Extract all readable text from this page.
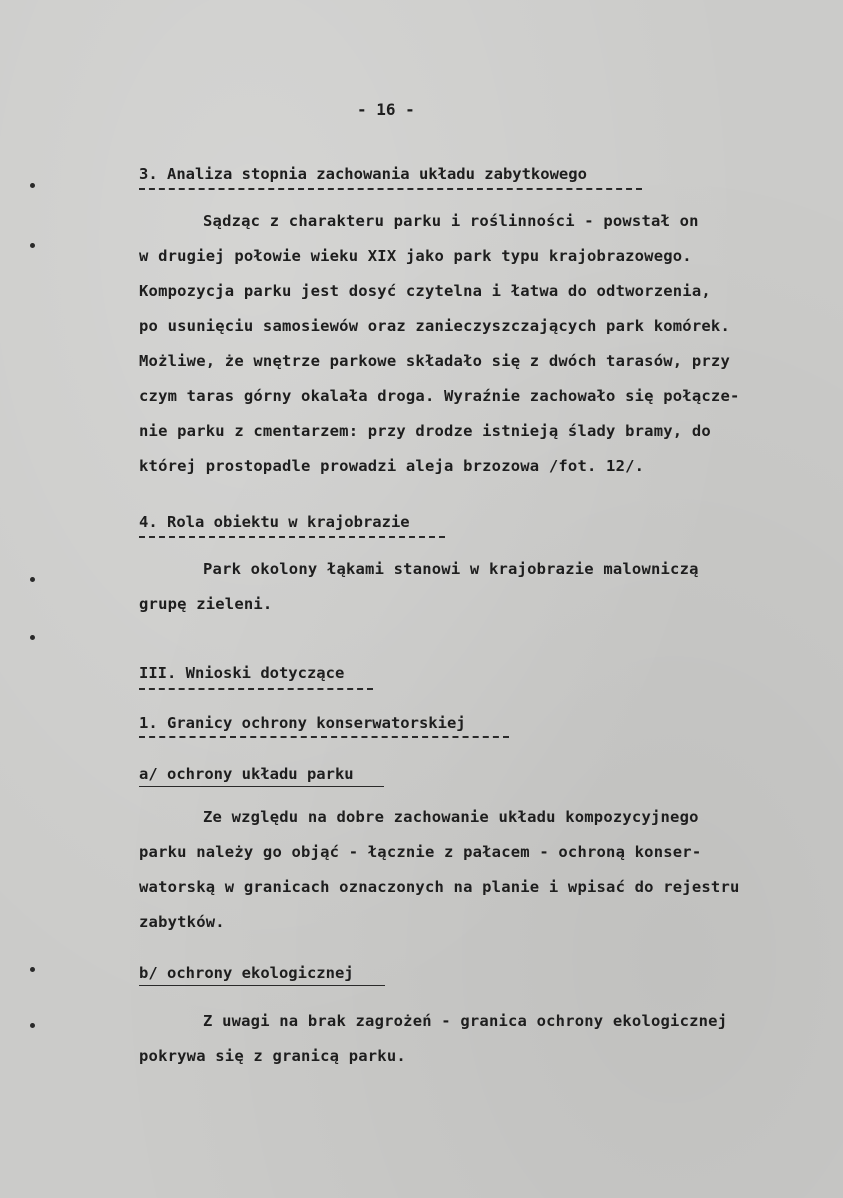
- 16 -
3. Analiza stopnia zachowania układu zabytkowego
Sądząc z charakteru parku i roślinności - powstał on
w drugiej połowie wieku XIX jako park typu krajobrazowego.
Kompozycja parku jest dosyć czytelna i łatwa do odtworzenia,
po usunięciu samosiewów oraz zanieczyszczających park komórek.
Możliwe, że wnętrze parkowe składało się z dwóch tarasów, przy
czym taras górny okalała droga. Wyraźnie zachowało się połącze-
nie parku z cmentarzem: przy drodze istnieją ślady bramy, do
której prostopadle prowadzi aleja brzozowa /fot. 12/.
4. Rola obiektu w krajobrazie
Park okolony łąkami stanowi w krajobrazie malowniczą
grupę zieleni.
III. Wnioski dotyczące
1. Granicy ochrony konserwatorskiej
a/ ochrony układu parku
Ze względu na dobre zachowanie układu kompozycyjnego
parku należy go objąć - łącznie z pałacem - ochroną konser-
watorską w granicach oznaczonych na planie i wpisać do rejestru
zabytków.
b/ ochrony ekologicznej
Z uwagi na brak zagrożeń - granica ochrony ekologicznej
pokrywa się z granicą parku.
